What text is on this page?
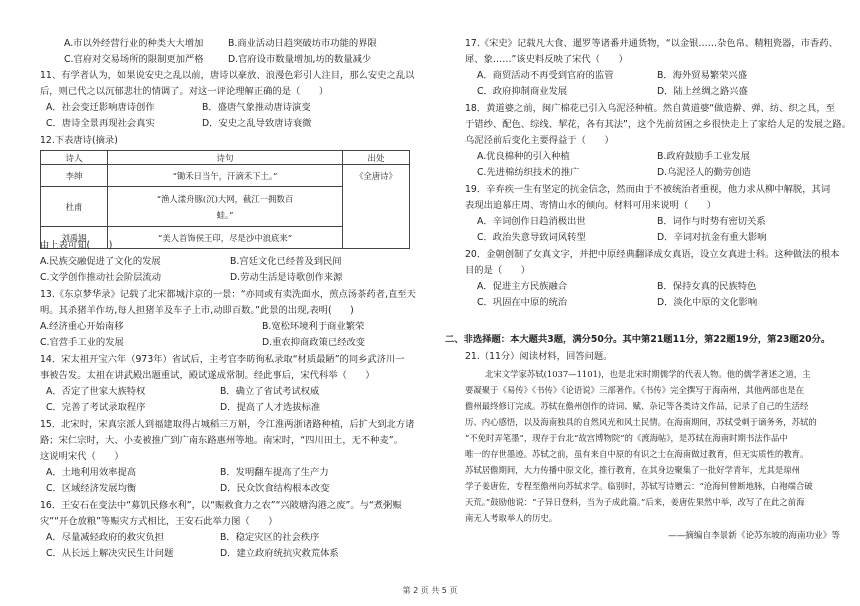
A.市以外经营行业的种类大大增加	B.商业活动日趋突破坊市功能的界限
C.官府对交易场所的限制更加严格	D.官府设市数量增加,坊的数量减少
11、有学者认为，如果说安史之乱以前，唐诗以豪放、浪漫色彩引人注目，那么安史之乱以
后，则已代之以沉郁悲壮的情调了。对这一评论理解正确的是（　　）
A．社会变迁影响唐诗创作	B．盛唐气象推动唐诗演变
C．唐诗全景再现社会真实	D．安史之乱导致唐诗衰微
12.下表唐诗(摘录)
诗人	诗句	出处
李绅	“锄禾日当午，汗滴禾下土。”	《全唐诗》
杜甫	“渔人漾舟豚(沉)大网，截江一拥数百
蛙。”	
刘禹锡	“美人首饰侯王印，尽是沙中浪底来”	
由上表可知(　　)
A.民族交融促进了文化的发展	B.宫廷文化已经普及到民间
C.文学创作推动社会阶层流动	D.劳动生活是诗歌创作来源
13.《东京梦华录》记载了北宋都城汴京的一景：“亦同或有卖洗面水，煎点汤茶药者,直至天
明。其杀猪羊作坊,每人担猪羊及车子上市,动即百数。”此景的出现,表明(　　)
A.经济重心开始南移	B.宽松环境利于商业繁荣
C.官营手工业的发展	D.重农抑商政策已经改变
14．宋太祖开宝六年（973年）省试后，主考官李昉徇私录取“材质最陋”的同乡武济川一
事被告发。太祖在讲武殿出题重试，殿试遂成常制。经此事后，宋代科举（　　）
A．否定了世家大族特权	B．确立了省试考试权威
C．完善了考试录取程序	D．提高了人才选拔标准
15．北宋时，宋真宗派人到福建取得占城稻三万斛，令江淮两浙诸路种植，后扩大到北方诸
路；宋仁宗时，大、小麦被推广到广南东路惠州等地。南宋时，“四川田土，无不种麦”。
这说明宋代（　　）
A．土地利用效率提高	B．发明翻车提高了生产力
C．区域经济发展均衡	D．民众饮食结构根本改变
16．王安石在变法中“募饥民修水利”，以“赈救食力之农”“兴陂塘沟港之废”。与“煮粥赈
灾”“开仓放粮”等赈灾方式相比，王安石此举力图（　　）
A．尽量减轻政府的救灾负担	B．稳定灾区的社会秩序
C．从长远上解决灾民生计问题	D．建立政府统抗灾救荒体系
17.《宋史》记载凡大食、暹罗等诸番并通货物，“以金银……杂色帛、精粗瓷器，市香药、
犀、象……”该史料反映了宋代（　　）
A．商贸活动不再受到官府的监管	B．海外贸易繁荣兴盛
C．政府抑制商业发展	D．陆上丝绸之路兴盛
18．黄道婆之前，闽广棉花已引入乌泥泾种植。然自黄道婆“做造擀、弹、纺、织之具，至
于错纱、配色、综线、挈花，各有其法”，这个先前贫困之乡很快走上了家给人足的发展之路。
乌泥泾前后变化主要得益于（　　）
A.优良棉种的引入种植	B.政府鼓励手工业发展
C.先进棉纺织技术的推广	D.乌泥泾人的勤劳创造
19．辛弃疾一生有坚定的抗金信念，然而由于不被统治者重视，他力求从柳中解脱，其词
表现出追慕庄周、寄情山水的倾向。材料可用来说明（　　）
A．辛词创作日趋消极出世	B．词作与时势有密切关系
C．政治失意导致词风转型	D．辛词对抗金有重大影响
20．金朝创制了女真文字，并把中原经典翻译成女真语，设立女真进士科。这种做法的根本
目的是（　　）
A．促进主方民族融合	B．保持女真的民族特色
C．巩固在中原的统治	D．淡化中原的文化影响
二、非选择题：本大题共3题，满分50分。其中第21题11分，第22题19分，第23题20分。
21.（11分）阅读材料，回答问题。
北宋文学家苏轼(1037—1101)，也是北宋时期儒学的代表人物。他的儒学著述之道，主
要凝聚于《易传》《书传》《论语说》三部著作。《书传》完全撰写于海南州，其他两部也是在
儋州最终修订完成。苏轼在儋州创作的诗词、赋、杂记等各类诗文作品，记录了自己的生活经
历、内心感悟，以及海南独具的自然风光和风土民情。在海南期间，苏轼受刺于谪务务，苏轼的
“不免时弄笔墨”，现存于台北“故宫博物院”的《渡海帖》，是苏轼在海南时期书法作品中
唯一的存世墨迹。苏轼之前，虽有来自中原的有识之士在海南做过教育，但无实质性的教育。
苏轼居儋期间，大力传播中原文化，推行教育，在其身边聚集了一批好学青年，尤其是琼州
学子姜唐佐，专程至儋州向苏轼求学。临别时，苏轼写诗赠云：“沧海何曾断地脉，白袍端合破
天荒。”鼓励他说：“子异日登科，当为子成此篇。”后来，姜唐佐果然中举，改写了在此之前海
南无人考取举人的历史。
——摘编自李景新《论苏东坡的海南功业》等
第 2 页 共 5 页
